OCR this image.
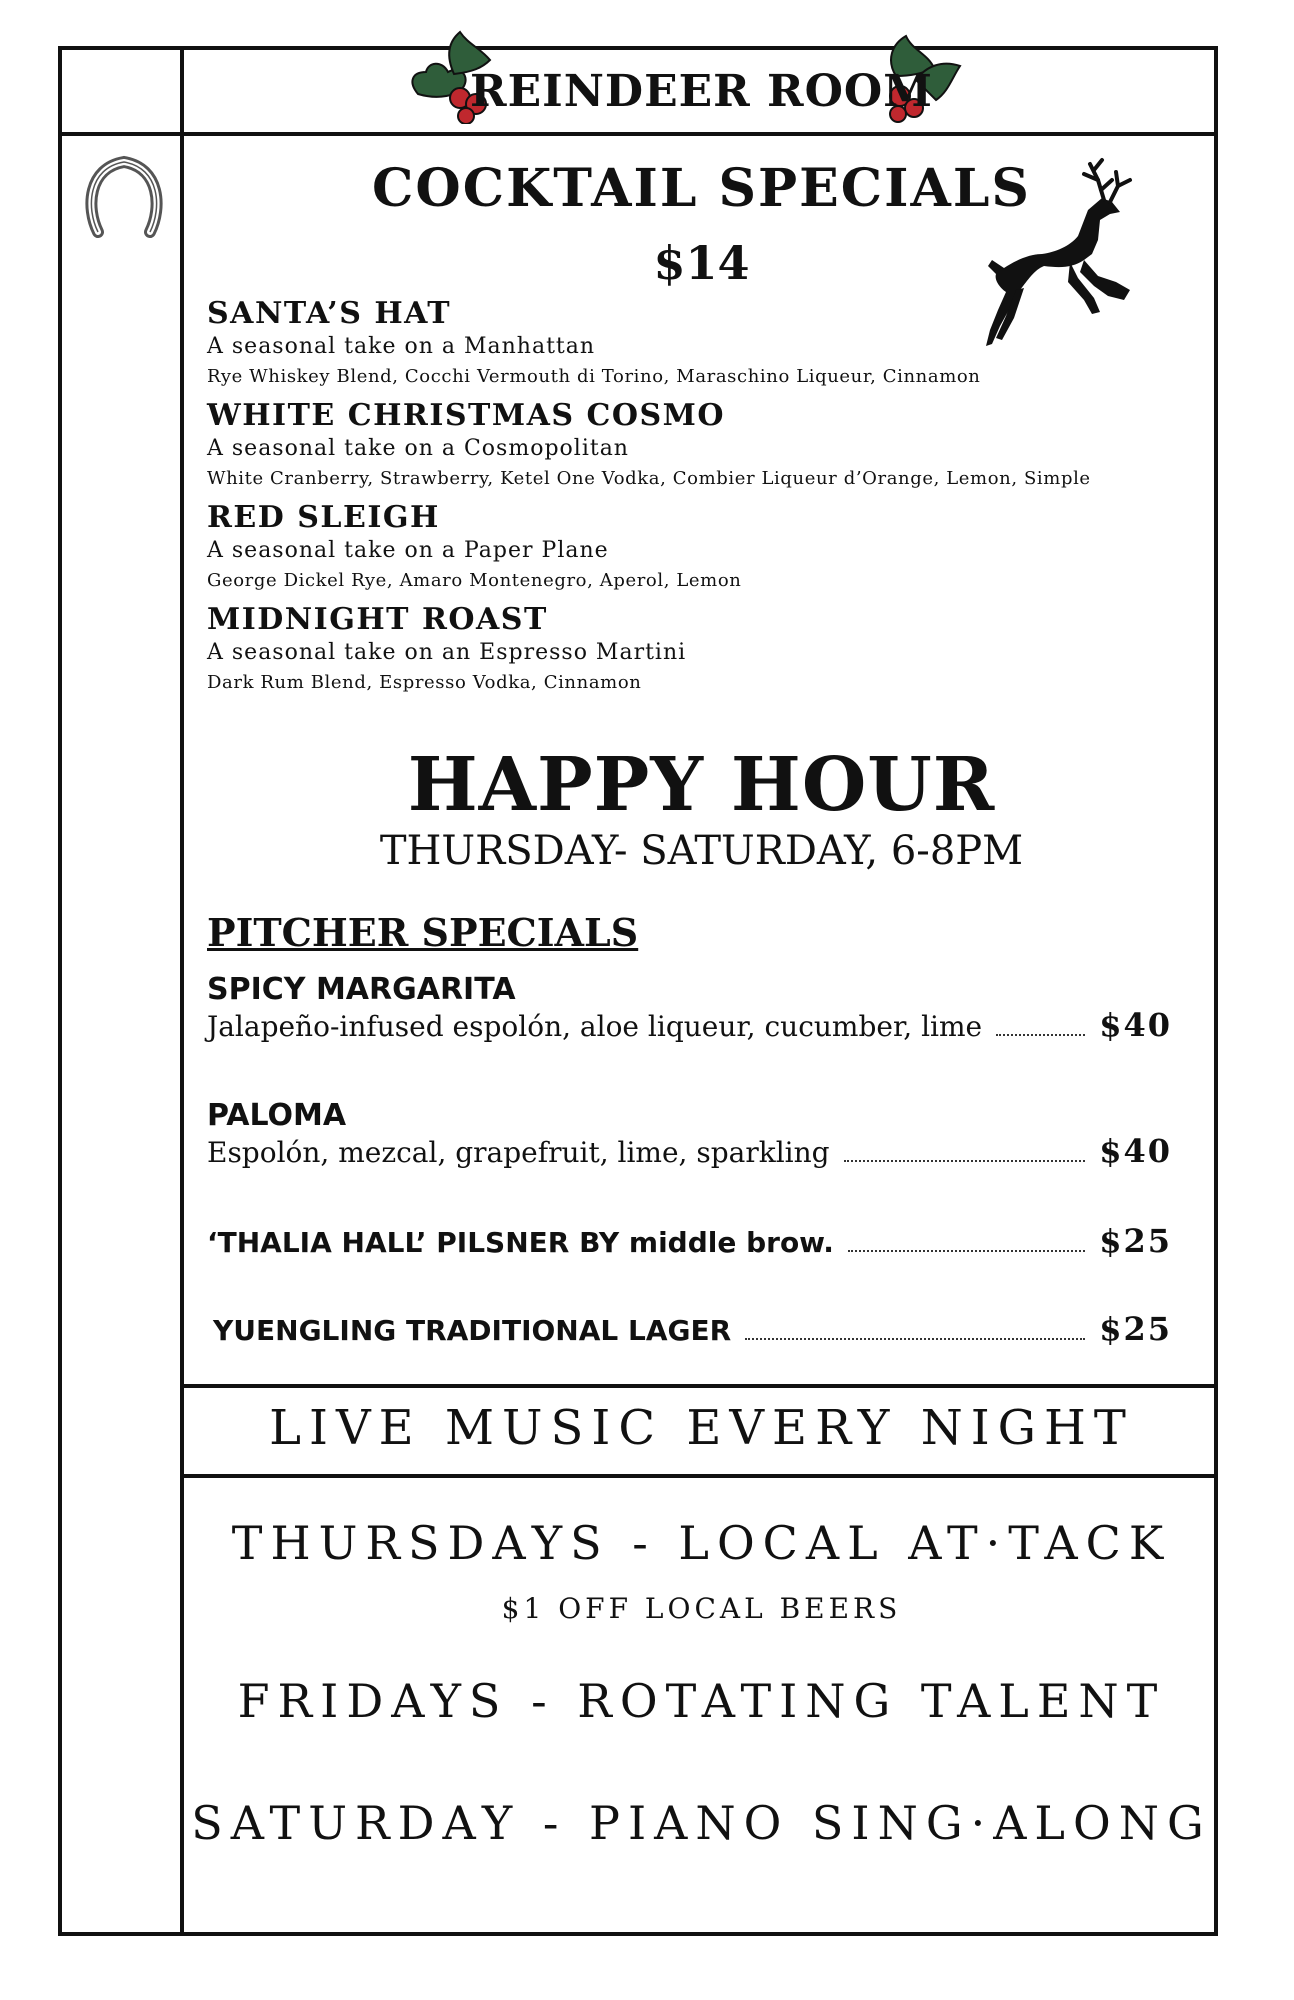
REINDEER ROOM
COCKTAIL SPECIALS
$14
SANTA’S HAT
A seasonal take on a Manhattan
Rye Whiskey Blend, Cocchi Vermouth di Torino, Maraschino Liqueur, Cinnamon
WHITE CHRISTMAS COSMO
A seasonal take on a Cosmopolitan
White Cranberry, Strawberry, Ketel One Vodka, Combier Liqueur d’Orange, Lemon, Simple
RED SLEIGH
A seasonal take on a Paper Plane
George Dickel Rye, Amaro Montenegro, Aperol, Lemon
MIDNIGHT ROAST
A seasonal take on an Espresso Martini
Dark Rum Blend, Espresso Vodka, Cinnamon
HAPPY HOUR
THURSDAY- SATURDAY, 6-8PM
PITCHER SPECIALS
SPICY MARGARITA
Jalapeño-infused espolón, aloe liqueur, cucumber, lime	$40
PALOMA
Espolón, mezcal, grapefruit, lime, sparkling	$40
‘THALIA HALL’ PILSNER BY middle brow.	$25
YUENGLING TRADITIONAL LAGER	$25
LIVE MUSIC EVERY NIGHT
THURSDAYS - LOCAL AT·TACK
$1 OFF LOCAL BEERS
FRIDAYS - ROTATING TALENT
SATURDAY - PIANO SING·ALONG
